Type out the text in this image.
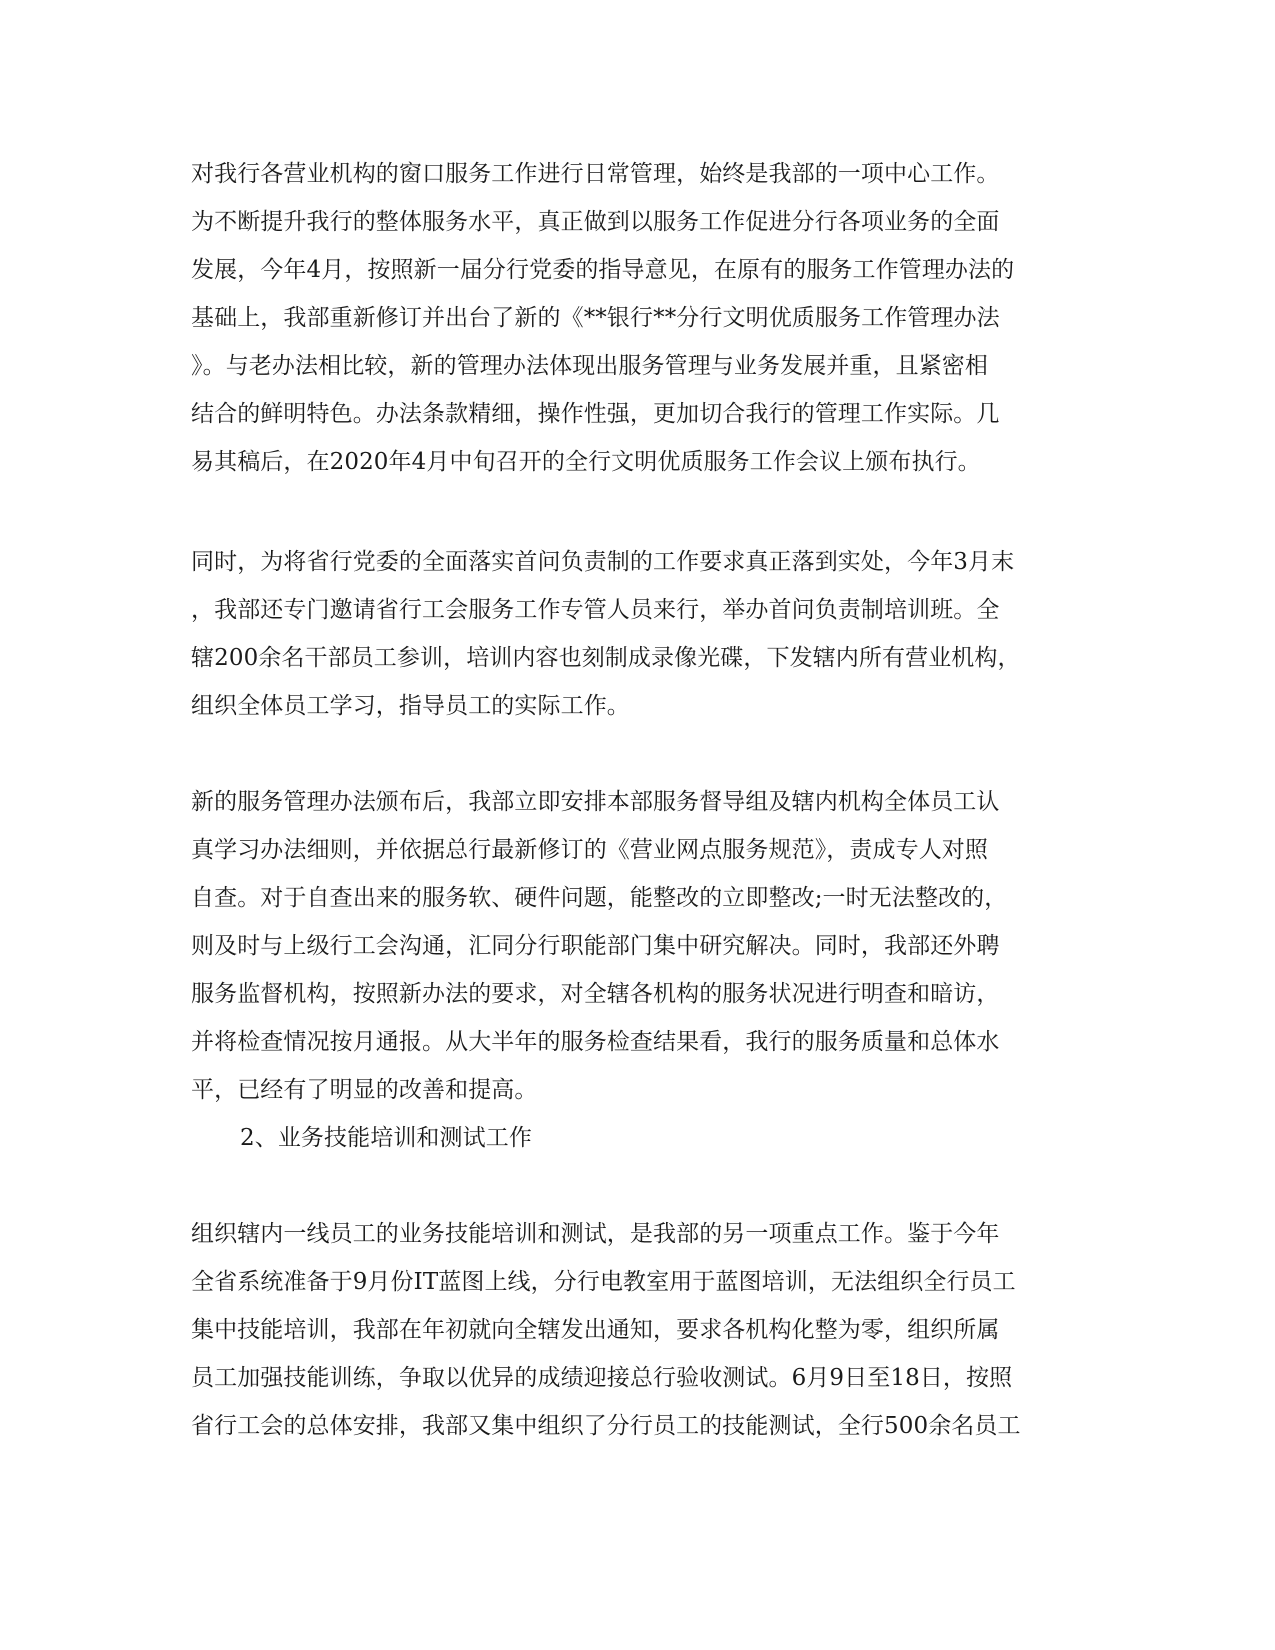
对我行各营业机构的窗口服务工作进行日常管理，始终是我部的一项中心工作。
为不断提升我行的整体服务水平，真正做到以服务工作促进分行各项业务的全面
发展，今年4月，按照新一届分行党委的指导意见，在原有的服务工作管理办法的
基础上，我部重新修订并出台了新的《**银行**分行文明优质服务工作管理办法
》。与老办法相比较，新的管理办法体现出服务管理与业务发展并重，且紧密相
结合的鲜明特色。办法条款精细，操作性强，更加切合我行的管理工作实际。几
易其稿后，在2020年4月中旬召开的全行文明优质服务工作会议上颁布执行。
同时，为将省行党委的全面落实首问负责制的工作要求真正落到实处，今年3月末
，我部还专门邀请省行工会服务工作专管人员来行，举办首问负责制培训班。全
辖200余名干部员工参训，培训内容也刻制成录像光碟，下发辖内所有营业机构，
组织全体员工学习，指导员工的实际工作。
新的服务管理办法颁布后，我部立即安排本部服务督导组及辖内机构全体员工认
真学习办法细则，并依据总行最新修订的《营业网点服务规范》，责成专人对照
自查。对于自查出来的服务软、硬件问题，能整改的立即整改;一时无法整改的，
则及时与上级行工会沟通，汇同分行职能部门集中研究解决。同时，我部还外聘
服务监督机构，按照新办法的要求，对全辖各机构的服务状况进行明查和暗访，
并将检查情况按月通报。从大半年的服务检查结果看，我行的服务质量和总体水
平，已经有了明显的改善和提高。
2、业务技能培训和测试工作
组织辖内一线员工的业务技能培训和测试，是我部的另一项重点工作。鉴于今年
全省系统准备于9月份IT蓝图上线，分行电教室用于蓝图培训，无法组织全行员工
集中技能培训，我部在年初就向全辖发出通知，要求各机构化整为零，组织所属
员工加强技能训练，争取以优异的成绩迎接总行验收测试。6月9日至18日，按照
省行工会的总体安排，我部又集中组织了分行员工的技能测试，全行500余名员工
